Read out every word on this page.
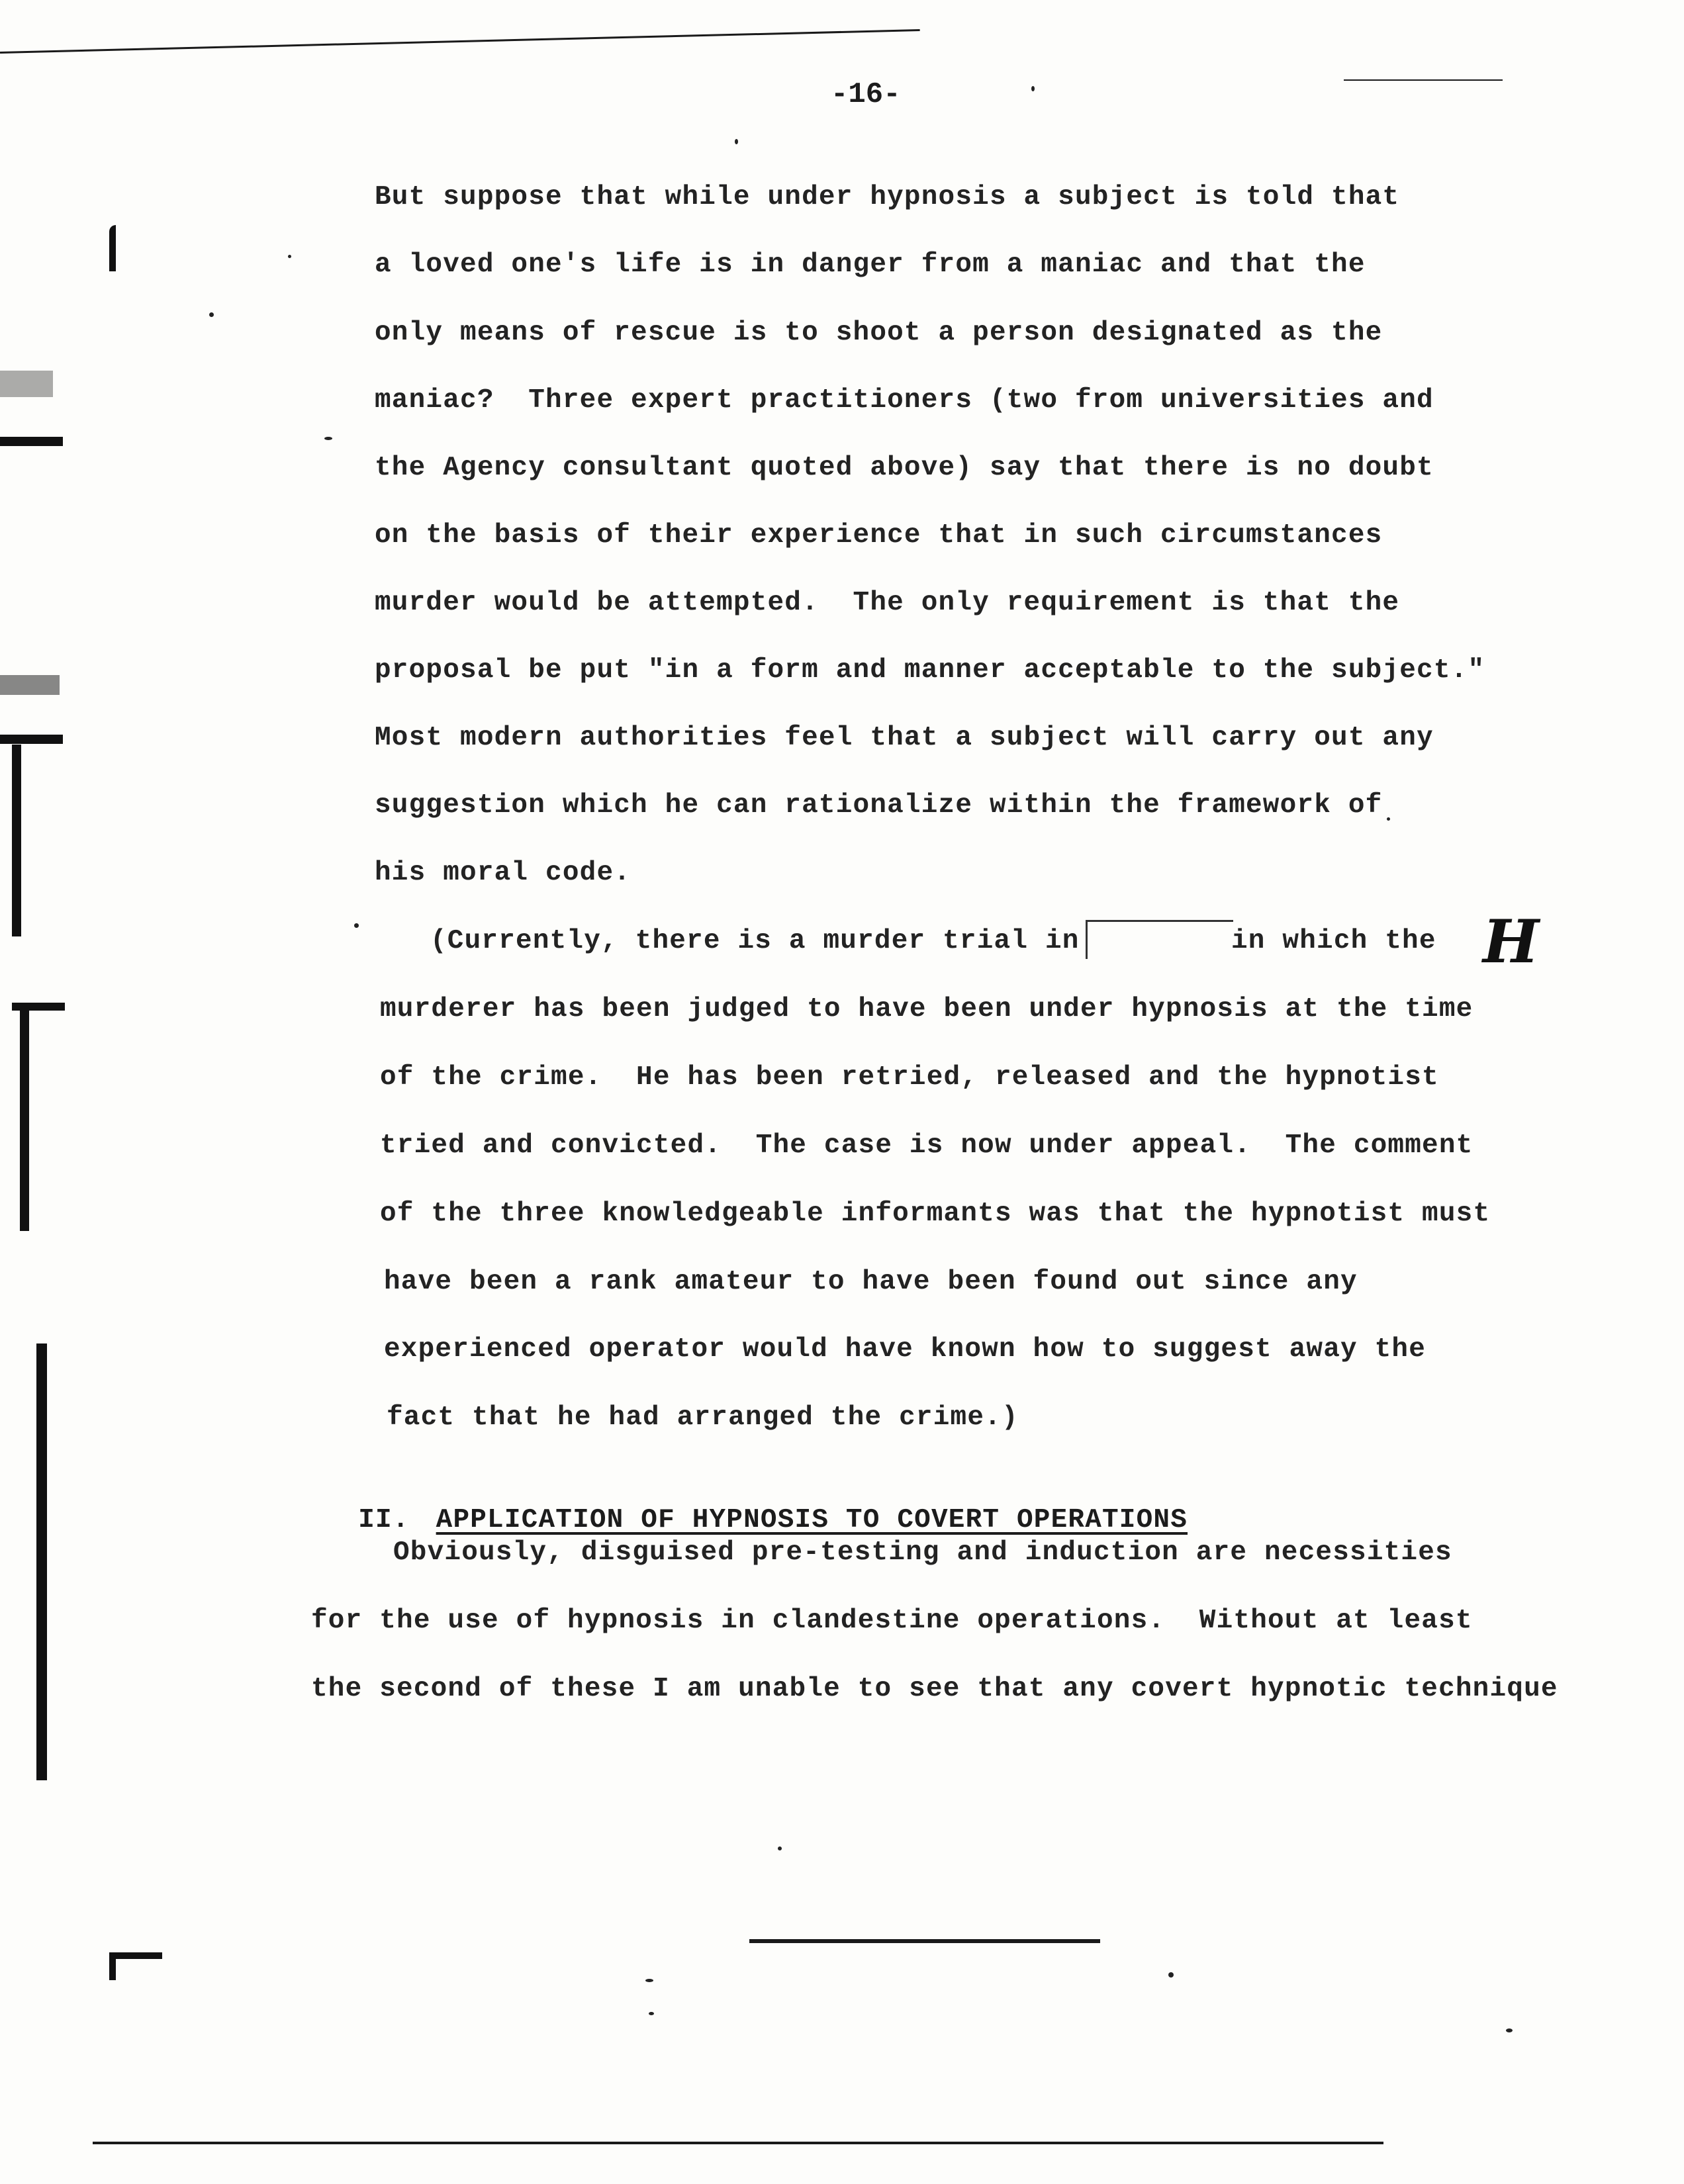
-16-
But suppose that while under hypnosis a subject is told that
a loved one's life is in danger from a maniac and that the
only means of rescue is to shoot a person designated as the
maniac?  Three expert practitioners (two from universities and
the Agency consultant quoted above) say that there is no doubt
on the basis of their experience that in such circumstances
murder would be attempted.  The only requirement is that the
proposal be put "in a form and manner acceptable to the subject."
Most modern authorities feel that a subject will carry out any
suggestion which he can rationalize within the framework of
his moral code.
(Currently, there is a murder trial in	in which the H
murderer has been judged to have been under hypnosis at the time
of the crime.  He has been retried, released and the hypnotist
tried and convicted.  The case is now under appeal.  The comment
of the three knowledgeable informants was that the hypnotist must
have been a rank amateur to have been found out since any
experienced operator would have known how to suggest away the
fact that he had arranged the crime.)

II. APPLICATION OF HYPNOSIS TO COVERT OPERATIONS

Obviously, disguised pre-testing and induction are necessities
for the use of hypnosis in clandestine operations.  Without at least
the second of these I am unable to see that any covert hypnotic technique
